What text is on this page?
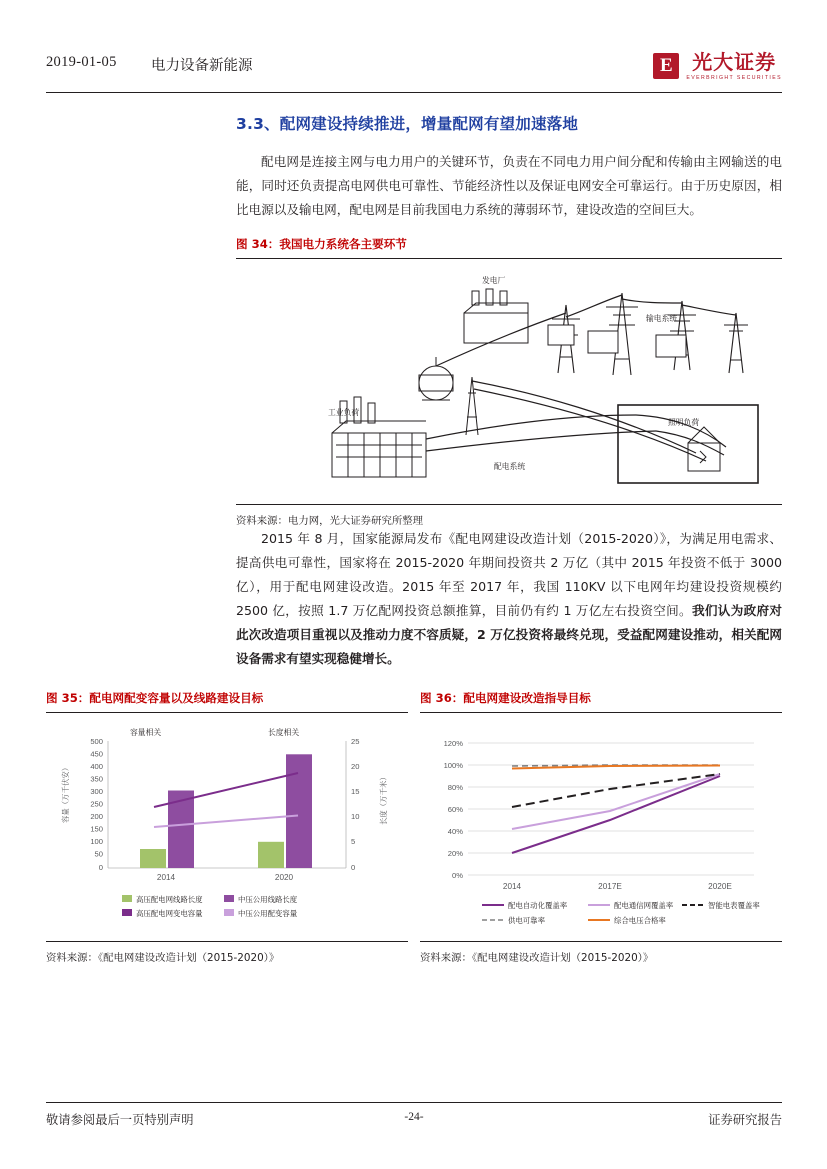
2019-01-05 电力设备新能源	E 光大证券
EVERBRIGHT SECURITIES
3.3、配网建设持续推进，增量配网有望加速落地

配电网是连接主网与电力用户的关键环节，负责在不同电力用户间分配和传输由主网输送的电能，同时还负责提高电网供电可靠性、节能经济性以及保证电网安全可靠运行。由于历史原因，相比电源以及输电网，配电网是目前我国电力系统的薄弱环节，建设改造的空间巨大。

图 34：我国电力系统各主要环节
发电厂
输电系统
工业负荷
配电系统
照明负荷
资料来源：电力网，光大证券研究所整理

2015 年 8 月，国家能源局发布《配电网建设改造计划（2015-2020）》，为满足用电需求、提高供电可靠性，国家将在 2015-2020 年期间投资共 2 万亿（其中 2015 年投资不低于 3000 亿），用于配电网建设改造。2015 年至 2017 年，我国 110KV 以下电网年均建设投资规模约 2500 亿，按照 1.7 万亿配网投资总额推算，目前仍有约 1 万亿左右投资空间。我们认为政府对此次改造项目重视以及推动力度不容质疑，2 万亿投资将最终兑现，受益配网建设推动，相关配网设备需求有望实现稳健增长。

图 35：配电网配变容量以及线路建设目标
500
450
400
350
300
250
200
150
100
50
0
25
20
15
10
5
0
容量（万千伏安）	长度（万千米）
2014	2020
容量相关	长度相关
高压配电网线路长度	中压公用线路长度
高压配电网变电容量	中压公用配变容量
资料来源：《配电网建设改造计划（2015-2020）》
图 36：配电网建设改造指导目标
120%
100%
80%
60%
40%
20%
0%
2014	2017E	2020E
配电自动化覆盖率	配电通信网覆盖率	智能电表覆盖率
供电可靠率	综合电压合格率
资料来源：《配电网建设改造计划（2015-2020）》
敬请参阅最后一页特别声明	-24-	证券研究报告
